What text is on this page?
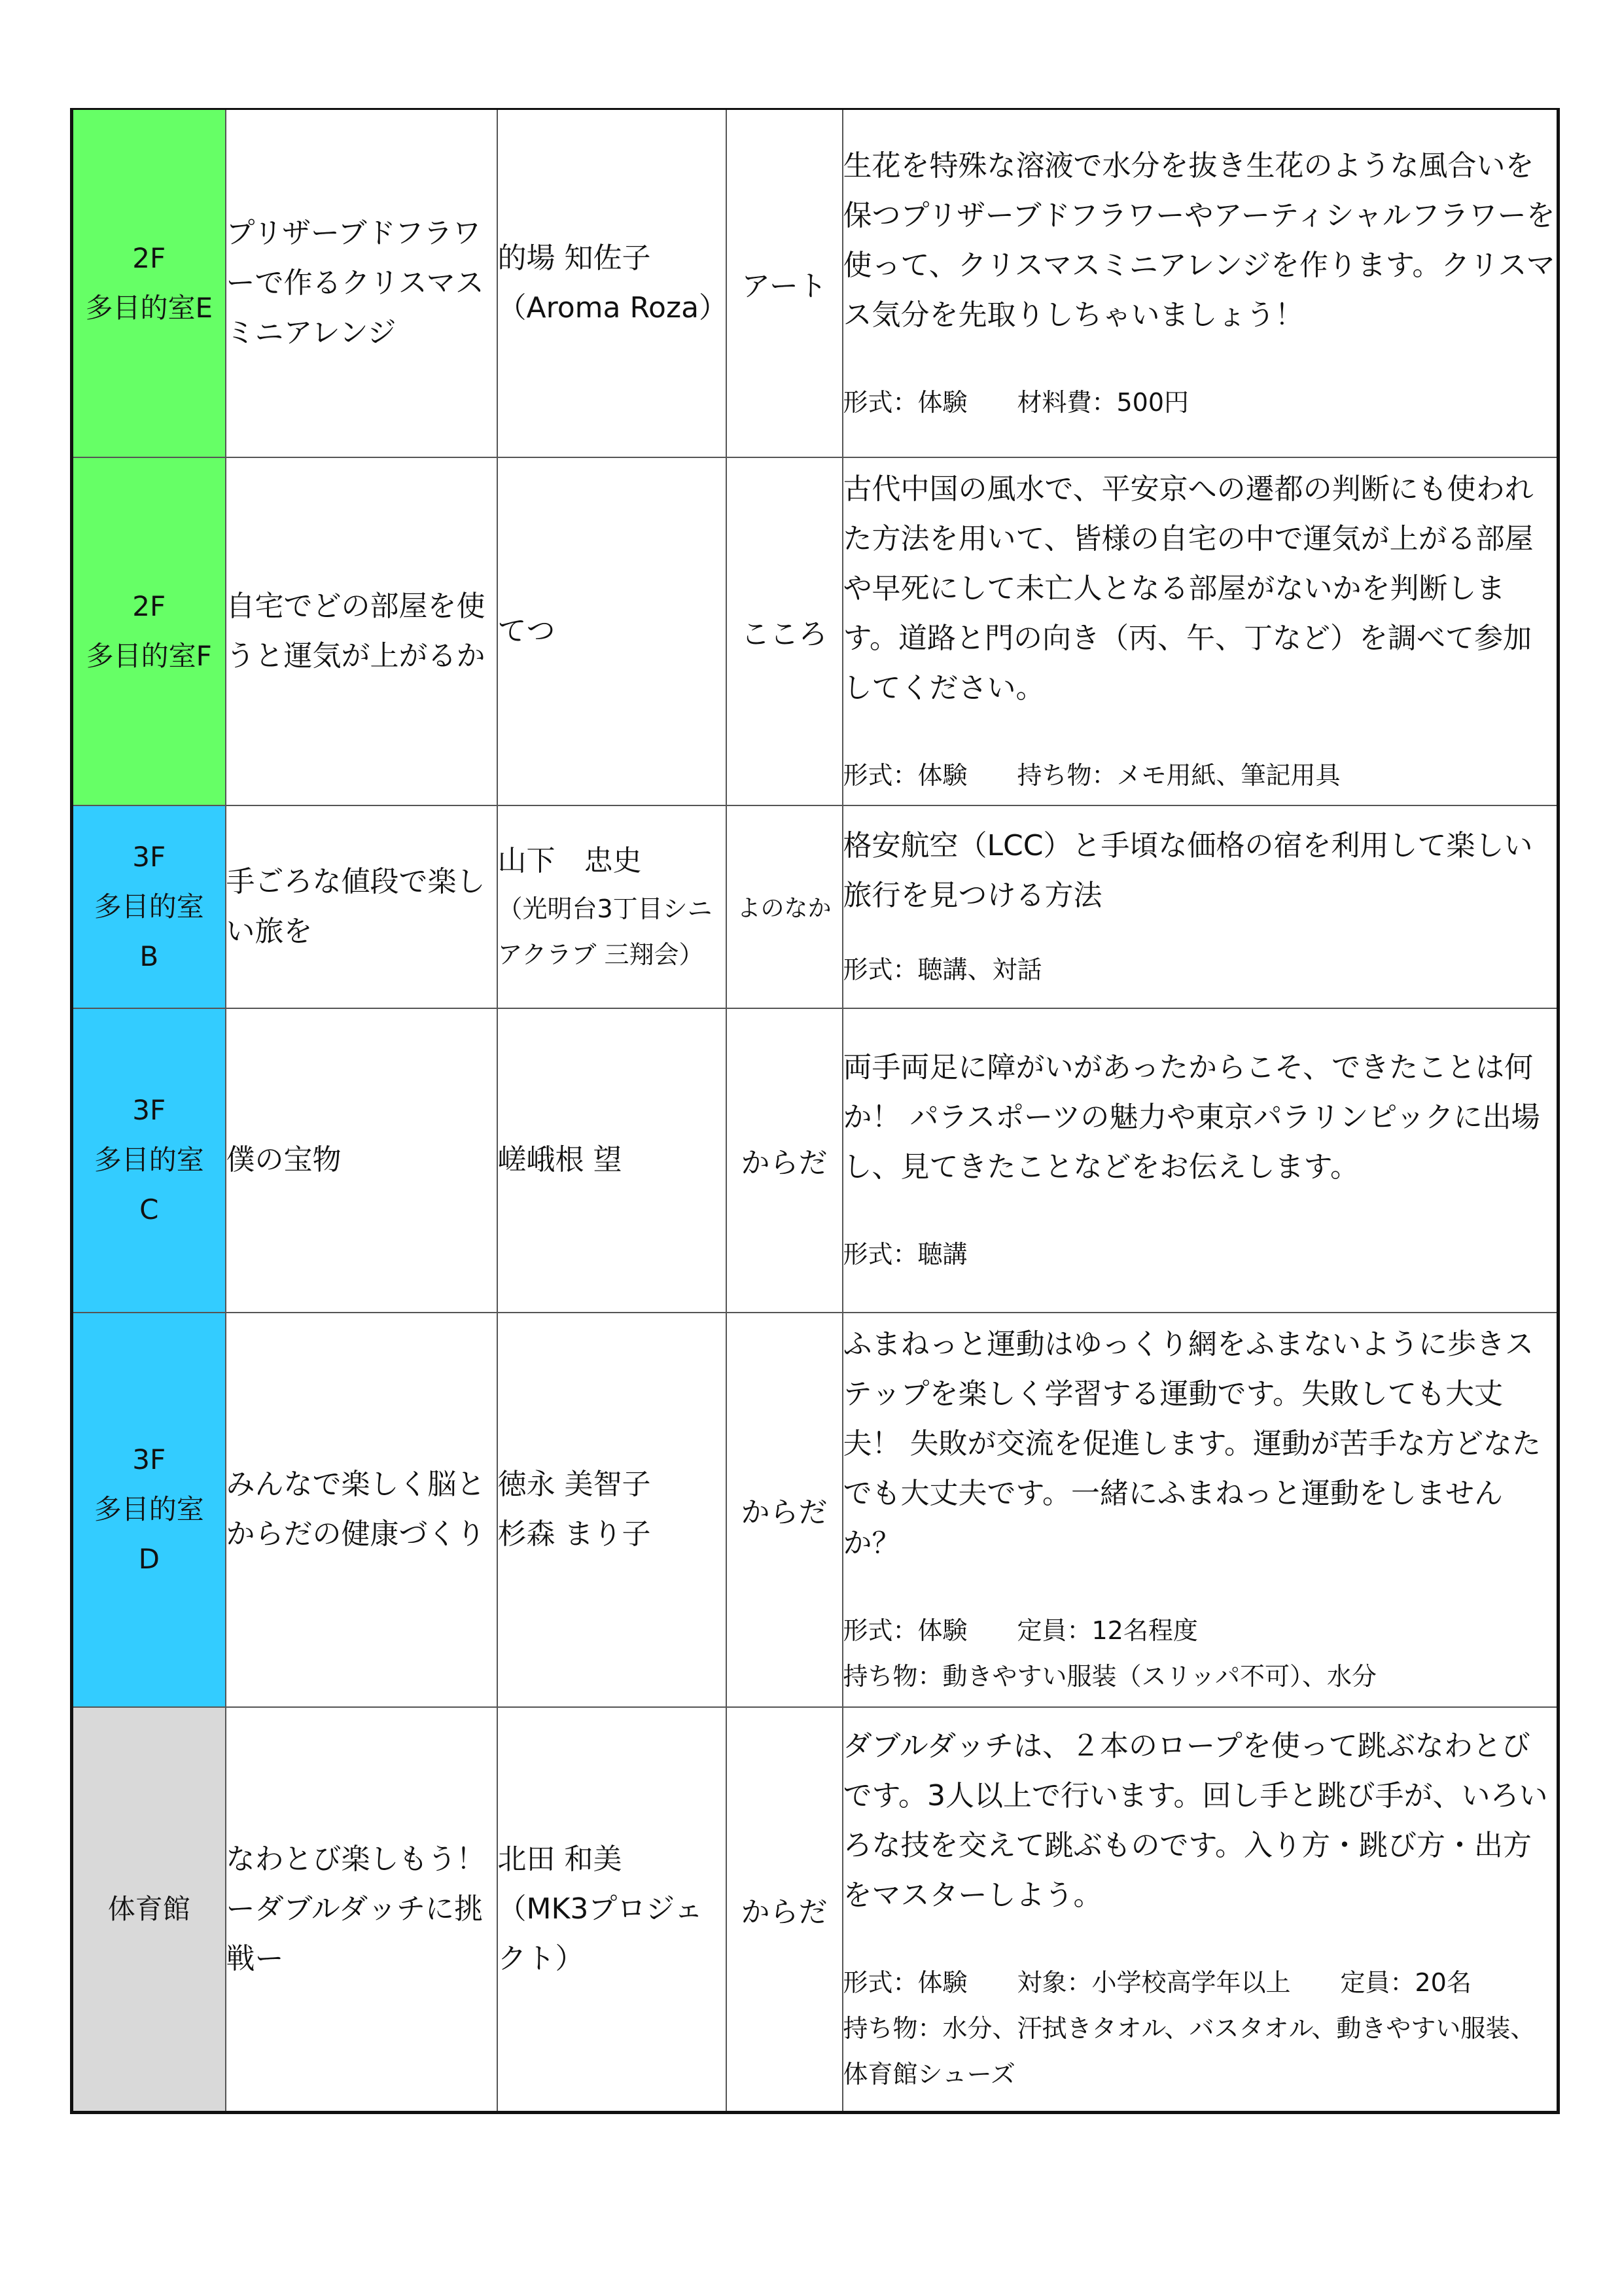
2F
多目的室E	プリザーブドフラワーで作るクリスマスミニアレンジ	的場 知佐子
（Aroma Roza）	アート	生花を特殊な溶液で水分を抜き生花のような風合いを保つプリザーブドフラワーやアーティシャルフラワーを使って、クリスマスミニアレンジを作ります。クリスマス気分を先取りしちゃいましょう！
形式：体験　　材料費：500円

2F
多目的室F	自宅でどの部屋を使うと運気が上がるか	てつ	こころ	古代中国の風水で、平安京への遷都の判断にも使われた方法を用いて、皆様の自宅の中で運気が上がる部屋や早死にして未亡人となる部屋がないかを判断します。道路と門の向き（丙、午、丁など）を調べて参加してください。
形式：体験　　持ち物：メモ用紙、筆記用具

3F
多目的室
B	手ごろな値段で楽しい旅を	山下　忠史
（光明台3丁目シニアクラブ 三翔会）	よのなか	格安航空（LCC）と手頃な価格の宿を利用して楽しい旅行を見つける方法
形式：聴講、対話

3F
多目的室
C	僕の宝物	嵯峨根 望	からだ	両手両足に障がいがあったからこそ、できたことは何か！ パラスポーツの魅力や東京パラリンピックに出場し、見てきたことなどをお伝えします。
形式：聴講

3F
多目的室
D	みんなで楽しく脳とからだの健康づくり	徳永 美智子
杉森 まり子	からだ	ふまねっと運動はゆっくり網をふまないように歩きステップを楽しく学習する運動です。失敗しても大丈夫！ 失敗が交流を促進します。運動が苦手な方どなたでも大丈夫です。一緒にふまねっと運動をしませんか？
形式：体験　　定員：12名程度
持ち物：動きやすい服装（スリッパ不可）、水分

体育館	なわとび楽しもう！ ーダブルダッチに挑戦ー	北田 和美
（MK3プロジェクト）	からだ	ダブルダッチは、２本のロープを使って跳ぶなわとびです。3人以上で行います。回し手と跳び手が、いろいろな技を交えて跳ぶものです。入り方・跳び方・出方をマスターしよう。
形式：体験　　対象：小学校高学年以上　　定員：20名
持ち物：水分、汗拭きタオル、バスタオル、動きやすい服装、体育館シューズ
